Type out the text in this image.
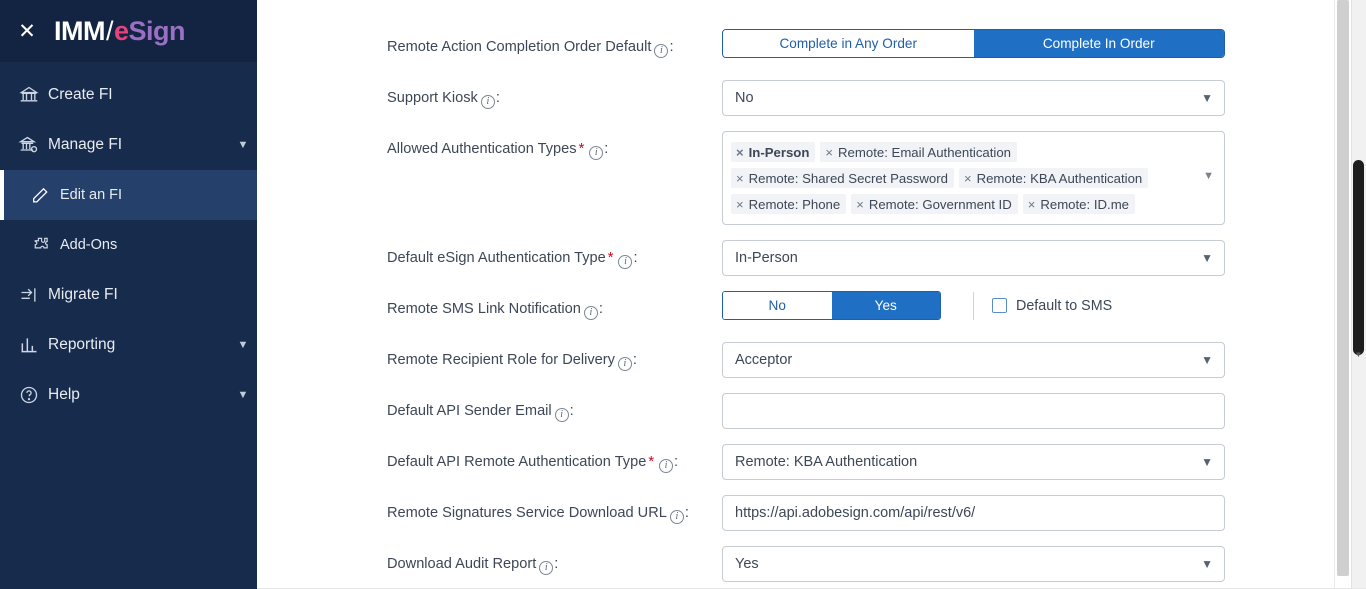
✕ IMM / e Sign
Create FI
Manage FI	▼
Edit an FI
Add-Ons
Migrate FI
Reporting	▼
Help	▼
Remote Action Completion Order Default i :	Complete in Any Order	Complete In Order
Support Kiosk i :	No	▼
Allowed Authentication Types * i :	× In-Person × Remote: Email Authentication
× Remote: Shared Secret Password × Remote: KBA Authentication
× Remote: Phone × Remote: Government ID × Remote: ID.me
▼
Default eSign Authentication Type * i :	In-Person	▼
Remote SMS Link Notification i :	No	Yes	Default to SMS
Remote Recipient Role for Delivery i :	Acceptor	▼
Default API Sender Email i :
Default API Remote Authentication Type * i :	Remote: KBA Authentication	▼
Remote Signatures Service Download URL i :	https://api.adobesign.com/api/rest/v6/
Download Audit Report i :	Yes	▼
▼
